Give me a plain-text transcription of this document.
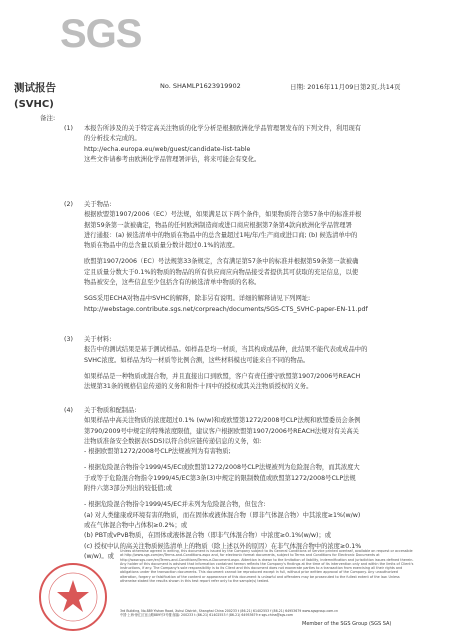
SGS
测试报告
(SVHC)
No. SHAMLP1623919902	日期: 2016年11月09日 第2页,共14页
备注:
(1) 本报告所涉及的关于特定高关注物质的化学分析是根据欧洲化学品管理署发布的下列文件，利用现有
的分析技术完成的。
http://echa.europa.eu/web/guest/candidate-list-table
这些文件请参考由欧洲化学品管理署评估，将来可能会有变化。
(2) 关于物品:
根据欧盟第1907/2006（EC）号法规，如果满足以下两个条件，如果物质符合第57条中的标准并根
据第59条第一款被确定，物品的任何欧洲制造商或进口商应根据第7条第4款向欧洲化学品管理署
进行通报：(a) 候选清单中的物质在物品中的总含量超过1吨/年/生产商或进口商; (b) 候选清单中的
物质在物品中的总含量以质量分数计超过0.1%的浓度。
欧盟第1907/2006（EC）号法规第33条规定，含有满足第57条中的标准并根据第59条第一款被确
定且质量分数大于0.1%的物质的物品的所有供应商应向物品接受者提供其可获取的充足信息，以使
物品被安全，这些信息至少包括含有的候选清单中物质的名称。
SGS采用ECHA对物品中SVHC的解释，除非另有说明。详细的解释请见下列网址:
http://webstage.contribute.sgs.net/corpreach/documents/SGS-CTS_SVHC-paper-EN-11.pdf
(3) 关于材料:
报告中的测试结果是基于测试样品。如样品是均一材质，当其构成或品种，此结果不能代表或成品中的
SVHC浓度。如样品为均一材质等比例合测，这些材料模也可能来自不同的物品。
如果样品是一种物质或混合物，并且直接出口到欧盟，客户有责任遵守欧盟第1907/2006号REACH
法规第31条的规格信息传递的义务和附件十四中的授权或其关注物质授权的义务。
(4) 关于物质和配制品:
如果样品中高关注物质的浓度超过0.1% (w/w)和或欧盟第1272/2008号CLP法规和欧盟委员会条例
第790/2009号中规定的特殊浓度限值，建议客户根据欧盟第1907/2006号REACH法规对有关高关
注物质准备安全数据表(SDS)以符合供应链传递信息的义务，如:
- 根据欧盟第1272/2008号CLP法规被列为有害物质;
- 根据危险混合物指令1999/45/EC或欧盟第1272/2008号CLP法规被列为危险混合物，而其浓度大
于或等于危险混合物指令1999/45/EC第3条(3)中规定的限制数值或欧盟第1272/2008号CLP法规
附件六第3部分列出的较低值;或
- 根据危险混合物指令1999/45/EC并未列为危险混合物，但包含:
(a) 对人类健康或环境有害的物质，而在固体或液体混合物（即非气体混合物）中其浓度≥1%(w/w)
或在气体混合物中占体积≥0.2%；或
(b) PBT或vPvB物质，在固体或液体混合物（即非气体混合物）中浓度≥0.1%(w/w)；或
(c) 授权中认的高关注物质候选清单上的物质（除上述以外的原因）在非气体混合物中的浓度≥0.1%
(w/w)。或
Unless otherwise agreed in writing, this document is issued by the Company subject to its General Conditions of Service printed overleaf, available on request or accessible at http://www.sgs.com/en/Terms-and-Conditions.aspx and, for electronic format documents, subject to Terms and Conditions for Electronic Documents at http://www.sgs.com/en/Terms-and-Conditions/Terms-e-Document.aspx. Attention is drawn to the limitation of liability, indemnification and jurisdiction issues defined therein. Any holder of this document is advised that information contained hereon reflects the Company's findings at the time of its intervention only and within the limits of Client's instructions, if any. The Company's sole responsibility is to its Client and this document does not exonerate parties to a transaction from exercising all their rights and obligations under the transaction documents. This document cannot be reproduced except in full, without prior written approval of the Company. Any unauthorized alteration, forgery or falsification of the content or appearance of this document is unlawful and offenders may be prosecuted to the fullest extent of the law. Unless otherwise stated the results shown in this test report refer only to the sample(s) tested.
3rd Building, No.889 Yishan Road, Xuhui District, Shanghai China 200233 t (86-21) 61402553 f (86-21) 64953679 www.sgsgroup.com.cn
中国·上海·徐汇区宜山路889号3号楼 邮编: 200233 t (86-21) 61402553 f (86-21) 64953679 e sgs.china@sgs.com
Member of the SGS Group (SGS SA)
